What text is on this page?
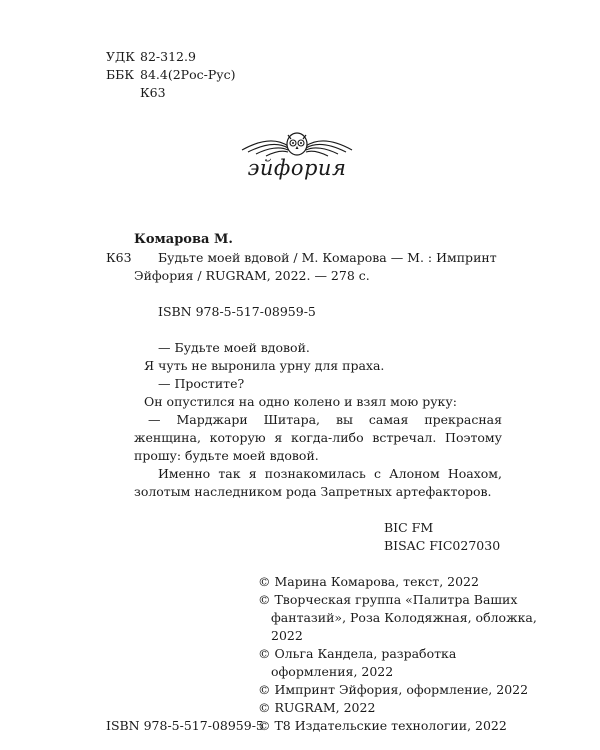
УДК 82-312.9
ББК 84.4(2Рос-Рус)
К63
эйфория
Комарова М.
К63 Будьте моей вдовой / М. Комарова — М. : Импринт
Эйфория / RUGRAM, 2022. — 278 с.
ISBN 978-5-517-08959-5
— Будьте моей вдовой.
Я чуть не выронила урну для праха.
— Простите?
Он опустился на одно колено и взял мою руку:
— Марджари Шитара, вы самая прекрасная женщина, которую я когда-либо встречал. Поэтому прошу: будьте моей вдовой.
Именно так я познакомилась с Алоном Ноахом, золотым наследником рода Запретных артефакторов.
BIC FM
BISAC FIC027030
© Марина Комарова, текст, 2022
© Творческая группа «Палитра Ваших
фантазий», Роза Колодяжная, обложка,
2022
© Ольга Кандела, разработка
оформления, 2022
© Импринт Эйфория, оформление, 2022
© RUGRAM, 2022
© Т8 Издательские технологии, 2022
ISBN 978-5-517-08959-5
